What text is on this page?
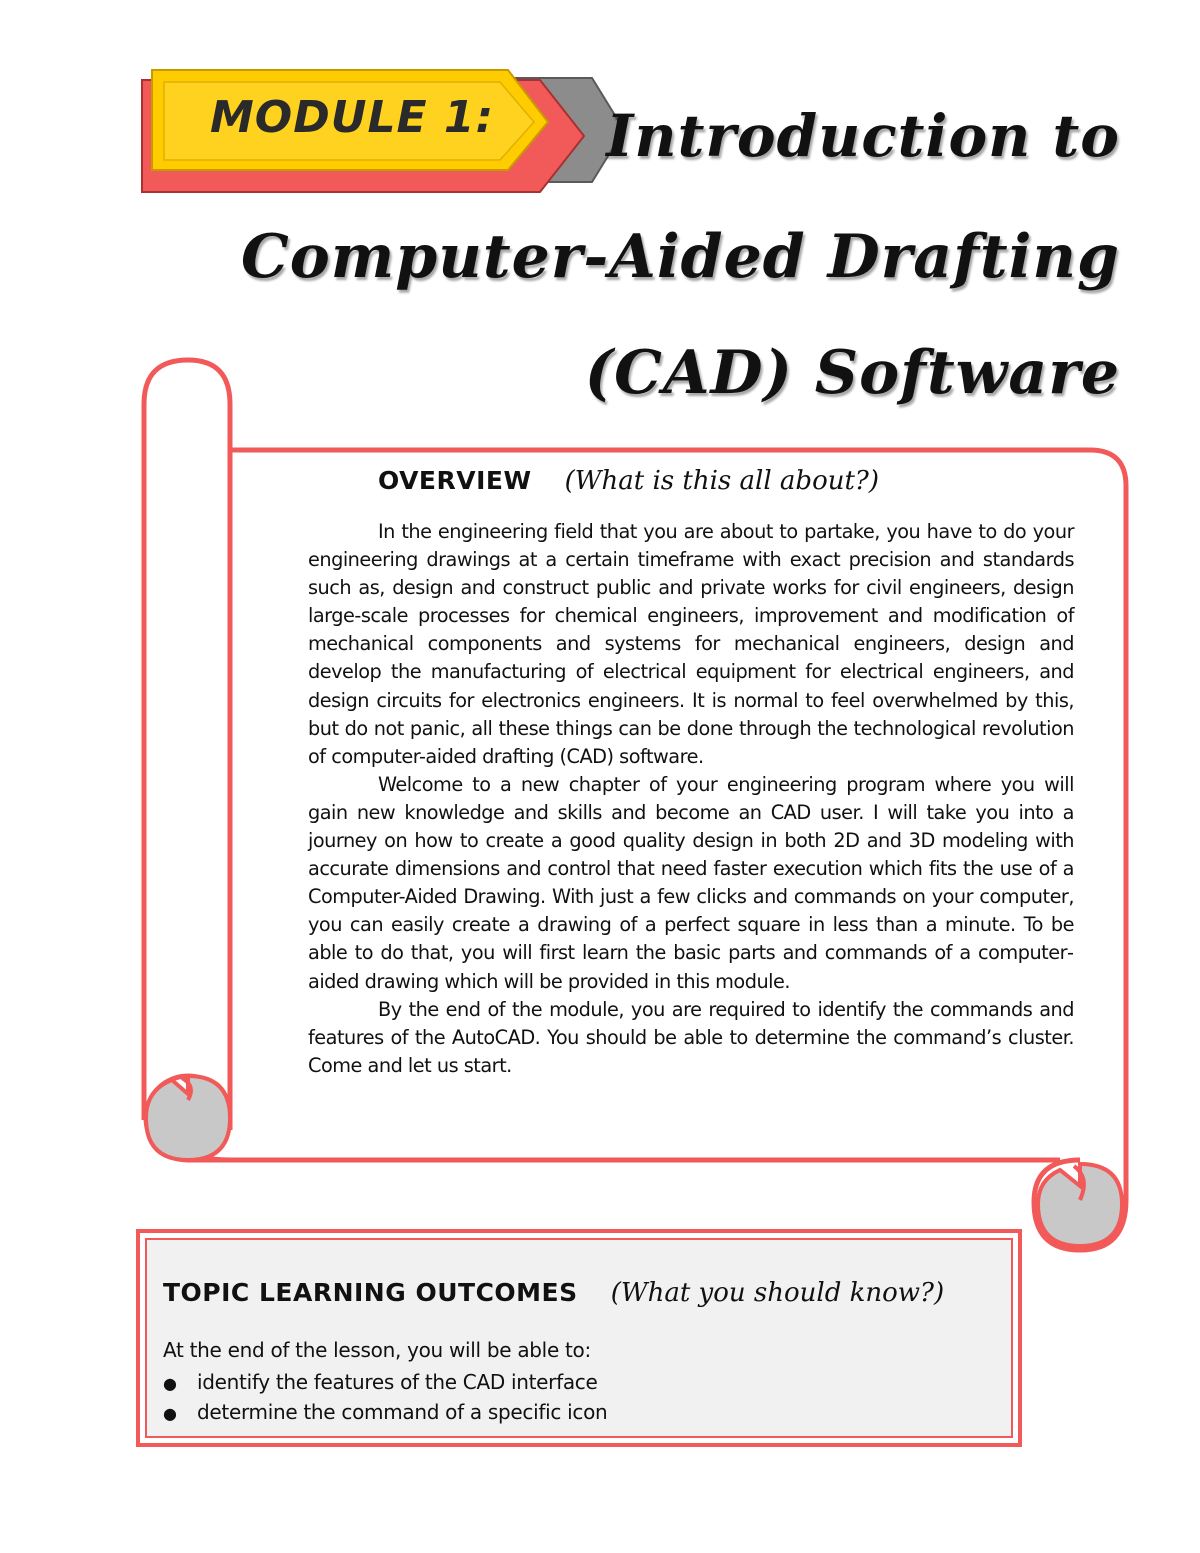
MODULE 1: Introduction to
Computer-Aided Drafting
(CAD) Software
OVERVIEW (What is this all about?)

In the engineering field that you are about to partake, you have to do your engineering drawings at a certain timeframe with exact precision and standards such as, design and construct public and private works for civil engineers, design large-scale processes for chemical engineers, improvement and modification of mechanical components and systems for mechanical engineers, design and develop the manufacturing of electrical equipment for electrical engineers, and design circuits for electronics engineers. It is normal to feel overwhelmed by this, but do not panic, all these things can be done through the technological revolution of computer-aided drafting (CAD) software.

Welcome to a new chapter of your engineering program where you will gain new knowledge and skills and become an CAD user. I will take you into a journey on how to create a good quality design in both 2D and 3D modeling with accurate dimensions and control that need faster execution which fits the use of a Computer-Aided Drawing. With just a few clicks and commands on your computer, you can easily create a drawing of a perfect square in less than a minute. To be able to do that, you will first learn the basic parts and commands of a computeraided drawing which will be provided in this module.

By the end of the module, you are required to identify the commands and features of the AutoCAD. You should be able to determine the command’s cluster. Come and let us start.

TOPIC LEARNING OUTCOMES (What you should know?)

At the end of the lesson, you will be able to:

● identify the features of the CAD interface
● determine the command of a specific icon
